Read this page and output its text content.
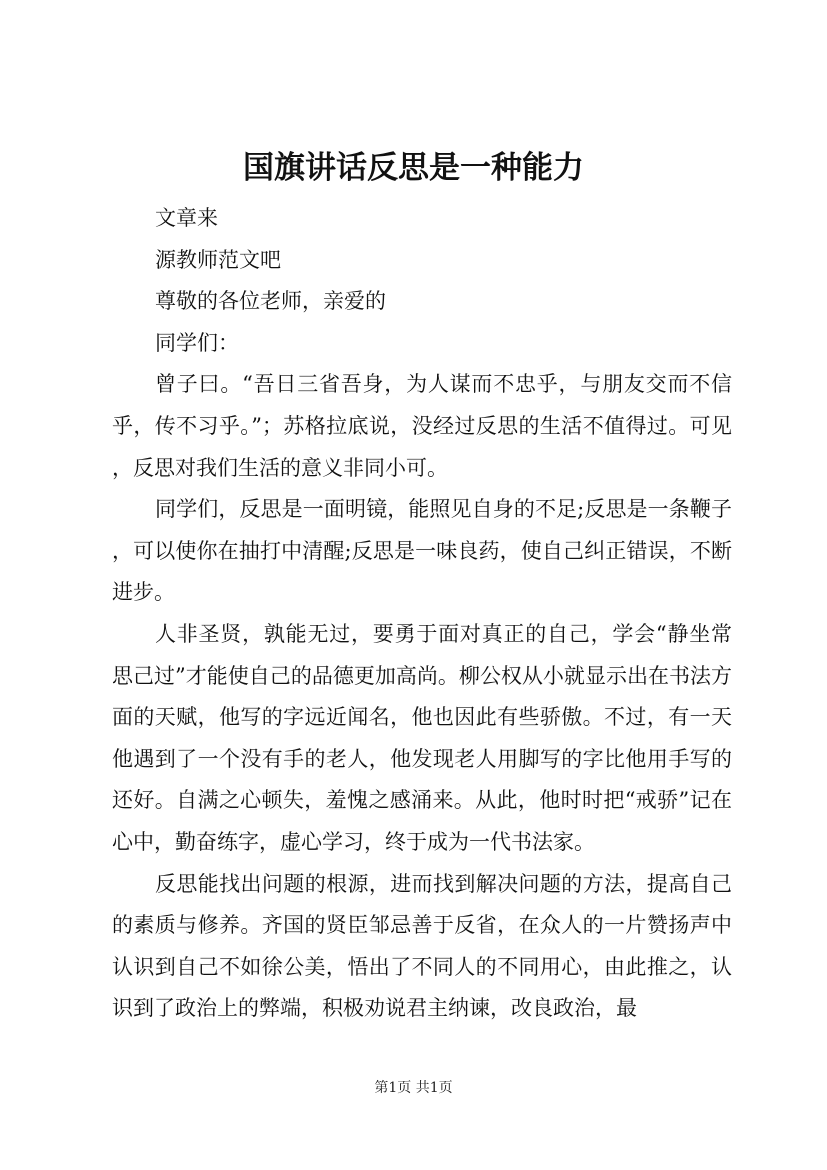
国旗讲话反思是一种能力

文章来

源教师范文吧

尊敬的各位老师，亲爱的

同学们：

曾子曰。“吾日三省吾身，为人谋而不忠乎，与朋友交而不信乎，传不习乎。”；苏格拉底说，没经过反思的生活不值得过。可见，反思对我们生活的意义非同小可。

同学们，反思是一面明镜，能照见自身的不足;反思是一条鞭子，可以使你在抽打中清醒;反思是一味良药，使自己纠正错误，不断进步。

人非圣贤，孰能无过，要勇于面对真正的自己，学会“静坐常思己过”才能使自己的品德更加高尚。柳公权从小就显示出在书法方面的天赋，他写的字远近闻名，他也因此有些骄傲。不过，有一天他遇到了一个没有手的老人，他发现老人用脚写的字比他用手写的还好。自满之心顿失，羞愧之感涌来。从此，他时时把“戒骄”记在心中，勤奋练字，虚心学习，终于成为一代书法家。

反思能找出问题的根源，进而找到解决问题的方法，提高自己的素质与修养。齐国的贤臣邹忌善于反省，在众人的一片赞扬声中认识到自己不如徐公美，悟出了不同人的不同用心，由此推之，认识到了政治上的弊端，积极劝说君主纳谏，改良政治，最

第1页 共1页
